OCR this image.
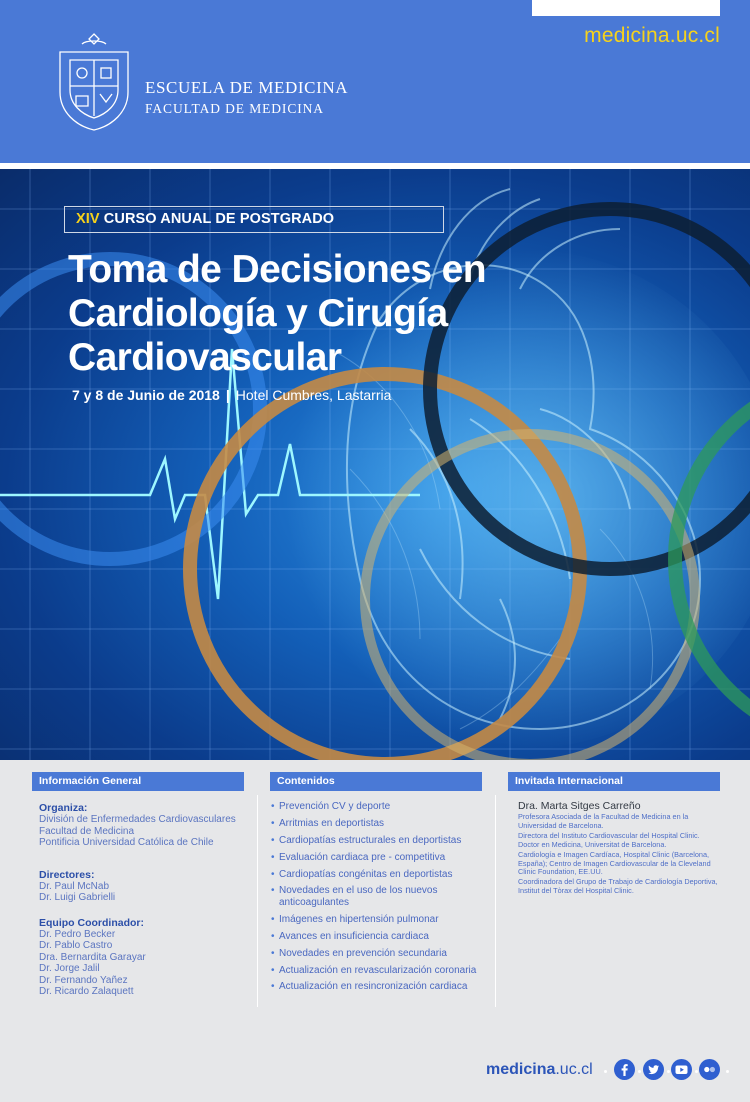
medicina.uc.cl
ESCUELA DE MEDICINA
FACULTAD DE MEDICINA
XIV CURSO ANUAL DE POSTGRADO
Toma de Decisiones en
Cardiología y Cirugía
Cardiovascular
7 y 8 de Junio de 2018 | Hotel Cumbres, Lastarria
Información General
Organiza:
División de Enfermedades Cardiovasculares
Facultad de Medicina
Pontificia Universidad Católica de Chile
Directores:
Dr. Paul McNab
Dr. Luigi Gabrielli
Equipo Coordinador:
Dr. Pedro Becker
Dr. Pablo Castro
Dra. Bernardita Garayar
Dr. Jorge Jalil
Dr. Fernando Yañez
Dr. Ricardo Zalaquett
Contenidos
• Prevención CV y deporte
• Arritmias en deportistas
• Cardiopatías estructurales en deportistas
• Evaluación cardiaca pre - competitiva
• Cardiopatías congénitas en deportistas
• Novedades en el uso de los nuevos anticoagulantes
• Imágenes en hipertensión pulmonar
• Avances en insuficiencia cardiaca
• Novedades en prevención secundaria
• Actualización en revascularización coronaria
• Actualización en resincronización cardiaca
Invitada Internacional
Dra. Marta Sitges Carreño
Profesora Asociada de la Facultad de Medicina en la Universidad de Barcelona.
Directora del Instituto Cardiovascular del Hospital Clinic. Doctor en Medicina, Universitat de Barcelona.
Cardiología e Imagen Cardíaca, Hospital Clinic (Barcelona, España); Centro de Imagen Cardiovascular de la Cleveland Clinic Foundation, EE.UU.
Coordinadora del Grupo de Trabajo de Cardiología Deportiva, Institut del Tòrax del Hospital Clinic.
medicina.uc.cl
